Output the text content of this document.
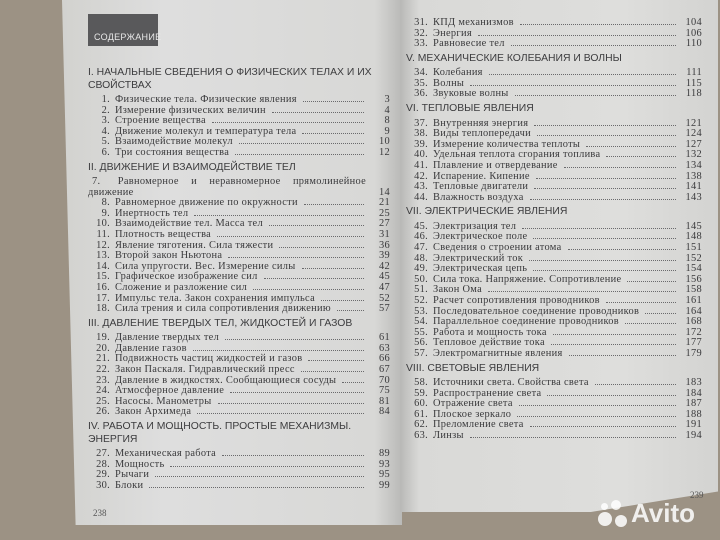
СОДЕРЖАНИЕ
I. НАЧАЛЬНЫЕ СВЕДЕНИЯ О ФИЗИЧЕСКИХ ТЕЛАХ И ИХ СВОЙСТВАХ
1. Физические тела. Физические явления	3
2. Измерение физических величин	4
3. Строение вещества	8
4. Движение молекул и температура тела	9
5. Взаимодействие молекул	10
6. Три состояния вещества	12
II. ДВИЖЕНИЕ И ВЗАИМОДЕЙСТВИЕ ТЕЛ
7. Равномерное и неравномерное прямолинейное движение	14
8. Равномерное движение по окружности	21
9. Инертность тел	25
10. Взаимодействие тел. Масса тел	27
11. Плотность вещества	31
12. Явление тяготения. Сила тяжести	36
13. Второй закон Ньютона	39
14. Сила упругости. Вес. Измерение силы	42
15. Графическое изображение сил	45
16. Сложение и разложение сил	47
17. Импульс тела. Закон сохранения импульса	52
18. Сила трения и сила сопротивления движению	57
III. ДАВЛЕНИЕ ТВЕРДЫХ ТЕЛ, ЖИДКОСТЕЙ И ГАЗОВ
19. Давление твердых тел	61
20. Давление газов	63
21. Подвижность частиц жидкостей и газов	66
22. Закон Паскаля. Гидравлический пресс	67
23. Давление в жидкостях. Сообщающиеся сосуды	70
24. Атмосферное давление	75
25. Насосы. Манометры	81
26. Закон Архимеда	84
IV. РАБОТА И МОЩНОСТЬ. ПРОСТЫЕ МЕХАНИЗМЫ. ЭНЕРГИЯ
27. Механическая работа	89
28. Мощность	93
29. Рычаги	95
30. Блоки	99
31. КПД механизмов	104
32. Энергия	106
33. Равновесие тел	110
V. МЕХАНИЧЕСКИЕ КОЛЕБАНИЯ И ВОЛНЫ
34. Колебания	111
35. Волны	115
36. Звуковые волны	118
VI. ТЕПЛОВЫЕ ЯВЛЕНИЯ
37. Внутренняя энергия	121
38. Виды теплопередачи	124
39. Измерение количества теплоты	127
40. Удельная теплота сгорания топлива	132
41. Плавление и отвердевание	134
42. Испарение. Кипение	138
43. Тепловые двигатели	141
44. Влажность воздуха	143
VII. ЭЛЕКТРИЧЕСКИЕ ЯВЛЕНИЯ
45. Электризация тел	145
46. Электрическое поле	148
47. Сведения о строении атома	151
48. Электрический ток	152
49. Электрическая цепь	154
50. Сила тока. Напряжение. Сопротивление	156
51. Закон Ома	158
52. Расчет сопротивления проводников	161
53. Последовательное соединение проводников	164
54. Параллельное соединение проводников	168
55. Работа и мощность тока	172
56. Тепловое действие тока	177
57. Электромагнитные явления	179
VIII. СВЕТОВЫЕ ЯВЛЕНИЯ
58. Источники света. Свойства света	183
59. Распространение света	184
60. Отражение света	187
61. Плоское зеркало	188
62. Преломление света	191
63. Линзы	194
238
239
Avito
